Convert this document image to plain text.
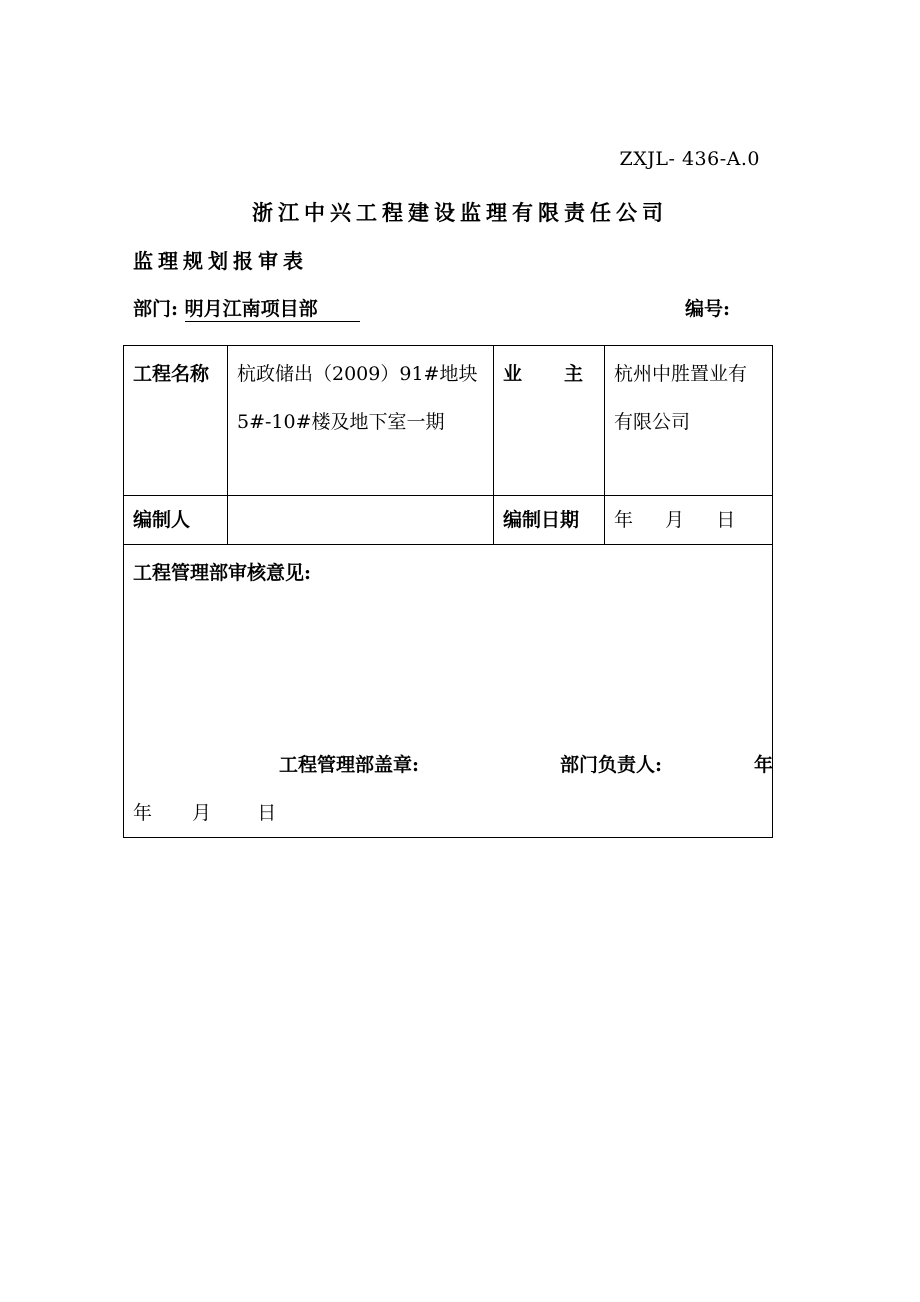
ZXJL- 436-A.0
浙江中兴工程建设监理有限责任公司
监理规划报审表
部门: 明月江南项目部	编号:
工程名称	杭政储出（2009）91#地块 5#-10#楼及地下室一期	业 主	杭州中胜置业有有限公司
编制人		编制日期	年 月 日

工程管理部审核意见:
工程管理部盖章: 部门负责人: 年
年 月 日			
